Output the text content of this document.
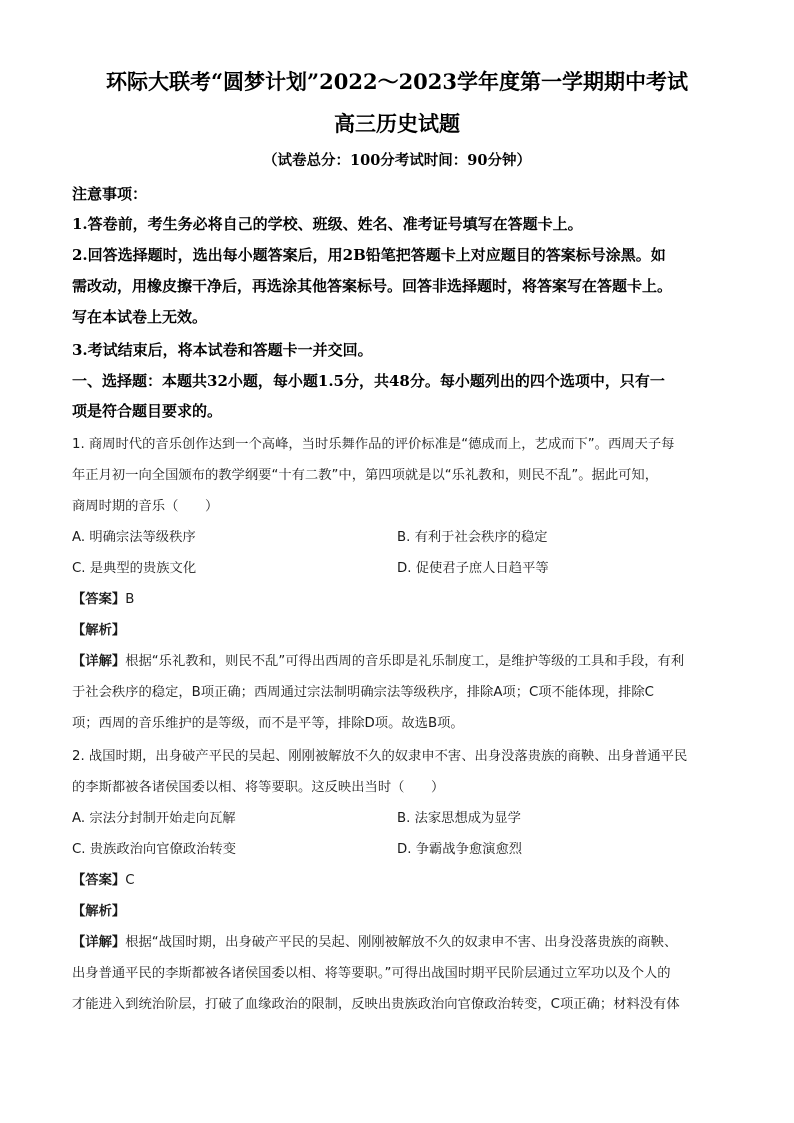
环际大联考“圆梦计划”2022～2023学年度第一学期期中考试
高三历史试题
（试卷总分：100分考试时间：90分钟）
注意事项：
1.答卷前，考生务必将自己的学校、班级、姓名、准考证号填写在答题卡上。
2.回答选择题时，选出每小题答案后，用2B铅笔把答题卡上对应题目的答案标号涂黑。如
需改动，用橡皮擦干净后，再选涂其他答案标号。回答非选择题时，将答案写在答题卡上。
写在本试卷上无效。
3.考试结束后，将本试卷和答题卡一并交回。
一、选择题：本题共32小题，每小题1.5分，共48分。每小题列出的四个选项中，只有一
项是符合题目要求的。
1. 商周时代的音乐创作达到一个高峰，当时乐舞作品的评价标准是“德成而上，艺成而下”。西周天子每
年正月初一向全国颁布的教学纲要“十有二教”中，第四项就是以“乐礼教和，则民不乱”。据此可知，
商周时期的音乐（　　）
A. 明确宗法等级秩序	B. 有利于社会秩序的稳定
C. 是典型的贵族文化	D. 促使君子庶人日趋平等
【答案】B
【解析】
【详解】根据“乐礼教和，则民不乱”可得出西周的音乐即是礼乐制度工，是维护等级的工具和手段，有利
于社会秩序的稳定，B项正确；西周通过宗法制明确宗法等级秩序，排除A项；C项不能体现，排除C
项；西周的音乐维护的是等级，而不是平等，排除D项。故选B项。
2. 战国时期，出身破产平民的吴起、刚刚被解放不久的奴隶申不害、出身没落贵族的商鞅、出身普通平民
的李斯都被各诸侯国委以相、将等要职。这反映出当时（　　）
A. 宗法分封制开始走向瓦解	B. 法家思想成为显学
C. 贵族政治向官僚政治转变	D. 争霸战争愈演愈烈
【答案】C
【解析】
【详解】根据“战国时期，出身破产平民的吴起、刚刚被解放不久的奴隶申不害、出身没落贵族的商鞅、
出身普通平民的李斯都被各诸侯国委以相、将等要职。”可得出战国时期平民阶层通过立军功以及个人的
才能进入到统治阶层，打破了血缘政治的限制，反映出贵族政治向官僚政治转变，C项正确；材料没有体
